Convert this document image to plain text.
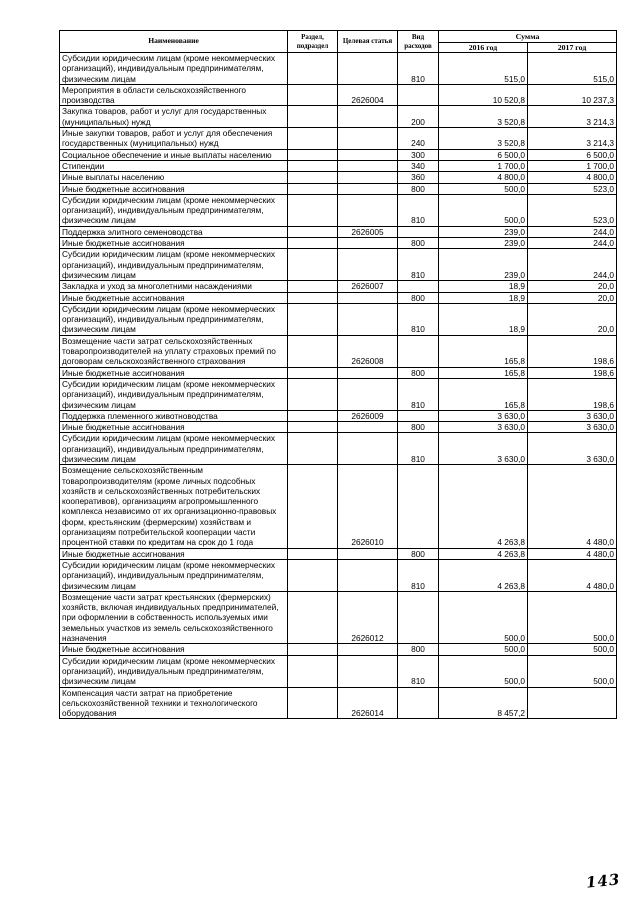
Наименование	Раздел, подраздел	Целевая статья	Вид расходов	Сумма	
				2016 год	2017 год
Субсидии юридическим лицам (кроме некоммерческих организаций), индивидуальным предпринимателям, физическим лицам			810	515,0	515,0
Мероприятия в области сельскохозяйственного производства		2626004		10 520,8	10 237,3
Закупка товаров, работ и услуг для государственных (муниципальных) нужд			200	3 520,8	3 214,3
Иные закупки товаров, работ и услуг для обеспечения государственных (муниципальных) нужд			240	3 520,8	3 214,3
Социальное обеспечение и иные выплаты населению			300	6 500,0	6 500,0
Стипендии			340	1 700,0	1 700,0
Иные выплаты населению			360	4 800,0	4 800,0
Иные бюджетные ассигнования			800	500,0	523,0
Субсидии юридическим лицам (кроме некоммерческих организаций), индивидуальным предпринимателям, физическим лицам			810	500,0	523,0
Поддержка элитного семеноводства		2626005		239,0	244,0
Иные бюджетные ассигнования			800	239,0	244,0
Субсидии юридическим лицам (кроме некоммерческих организаций), индивидуальным предпринимателям, физическим лицам			810	239,0	244,0
Закладка и уход за многолетними насаждениями		2626007		18,9	20,0
Иные бюджетные ассигнования			800	18,9	20,0
Субсидии юридическим лицам (кроме некоммерческих организаций), индивидуальным предпринимателям, физическим лицам			810	18,9	20,0
Возмещение части затрат сельскохозяйственных товаропроизводителей на уплату страховых премий по договорам сельскохозяйственного страхования		2626008		165,8	198,6
Иные бюджетные ассигнования			800	165,8	198,6
Субсидии юридическим лицам (кроме некоммерческих организаций), индивидуальным предпринимателям, физическим лицам			810	165,8	198,6
Поддержка племенного животноводства		2626009		3 630,0	3 630,0
Иные бюджетные ассигнования			800	3 630,0	3 630,0
Субсидии юридическим лицам (кроме некоммерческих организаций), индивидуальным предпринимателям, физическим лицам			810	3 630,0	3 630,0
Возмещение сельскохозяйственным товаропроизводителям (кроме личных подсобных хозяйств и сельскохозяйственных потребительских кооперативов), организациям агропромышленного комплекса независимо от их организационно-правовых форм, крестьянским (фермерским) хозяйствам и организациям потребительской кооперации части процентной ставки по кредитам на срок до 1 года		2626010		4 263,8	4 480,0
Иные бюджетные ассигнования			800	4 263,8	4 480,0
Субсидии юридическим лицам (кроме некоммерческих организаций), индивидуальным предпринимателям, физическим лицам			810	4 263,8	4 480,0
Возмещение части затрат крестьянских (фермерских) хозяйств, включая индивидуальных предпринимателей, при оформлении в собственность используемых ими земельных участков из земель сельскохозяйственного назначения		2626012		500,0	500,0
Иные бюджетные ассигнования			800	500,0	500,0
Субсидии юридическим лицам (кроме некоммерческих организаций), индивидуальным предпринимателям, физическим лицам			810	500,0	500,0
Компенсация части затрат на приобретение сельскохозяйственной техники и технологического оборудования		2626014		8 457,2	
143
